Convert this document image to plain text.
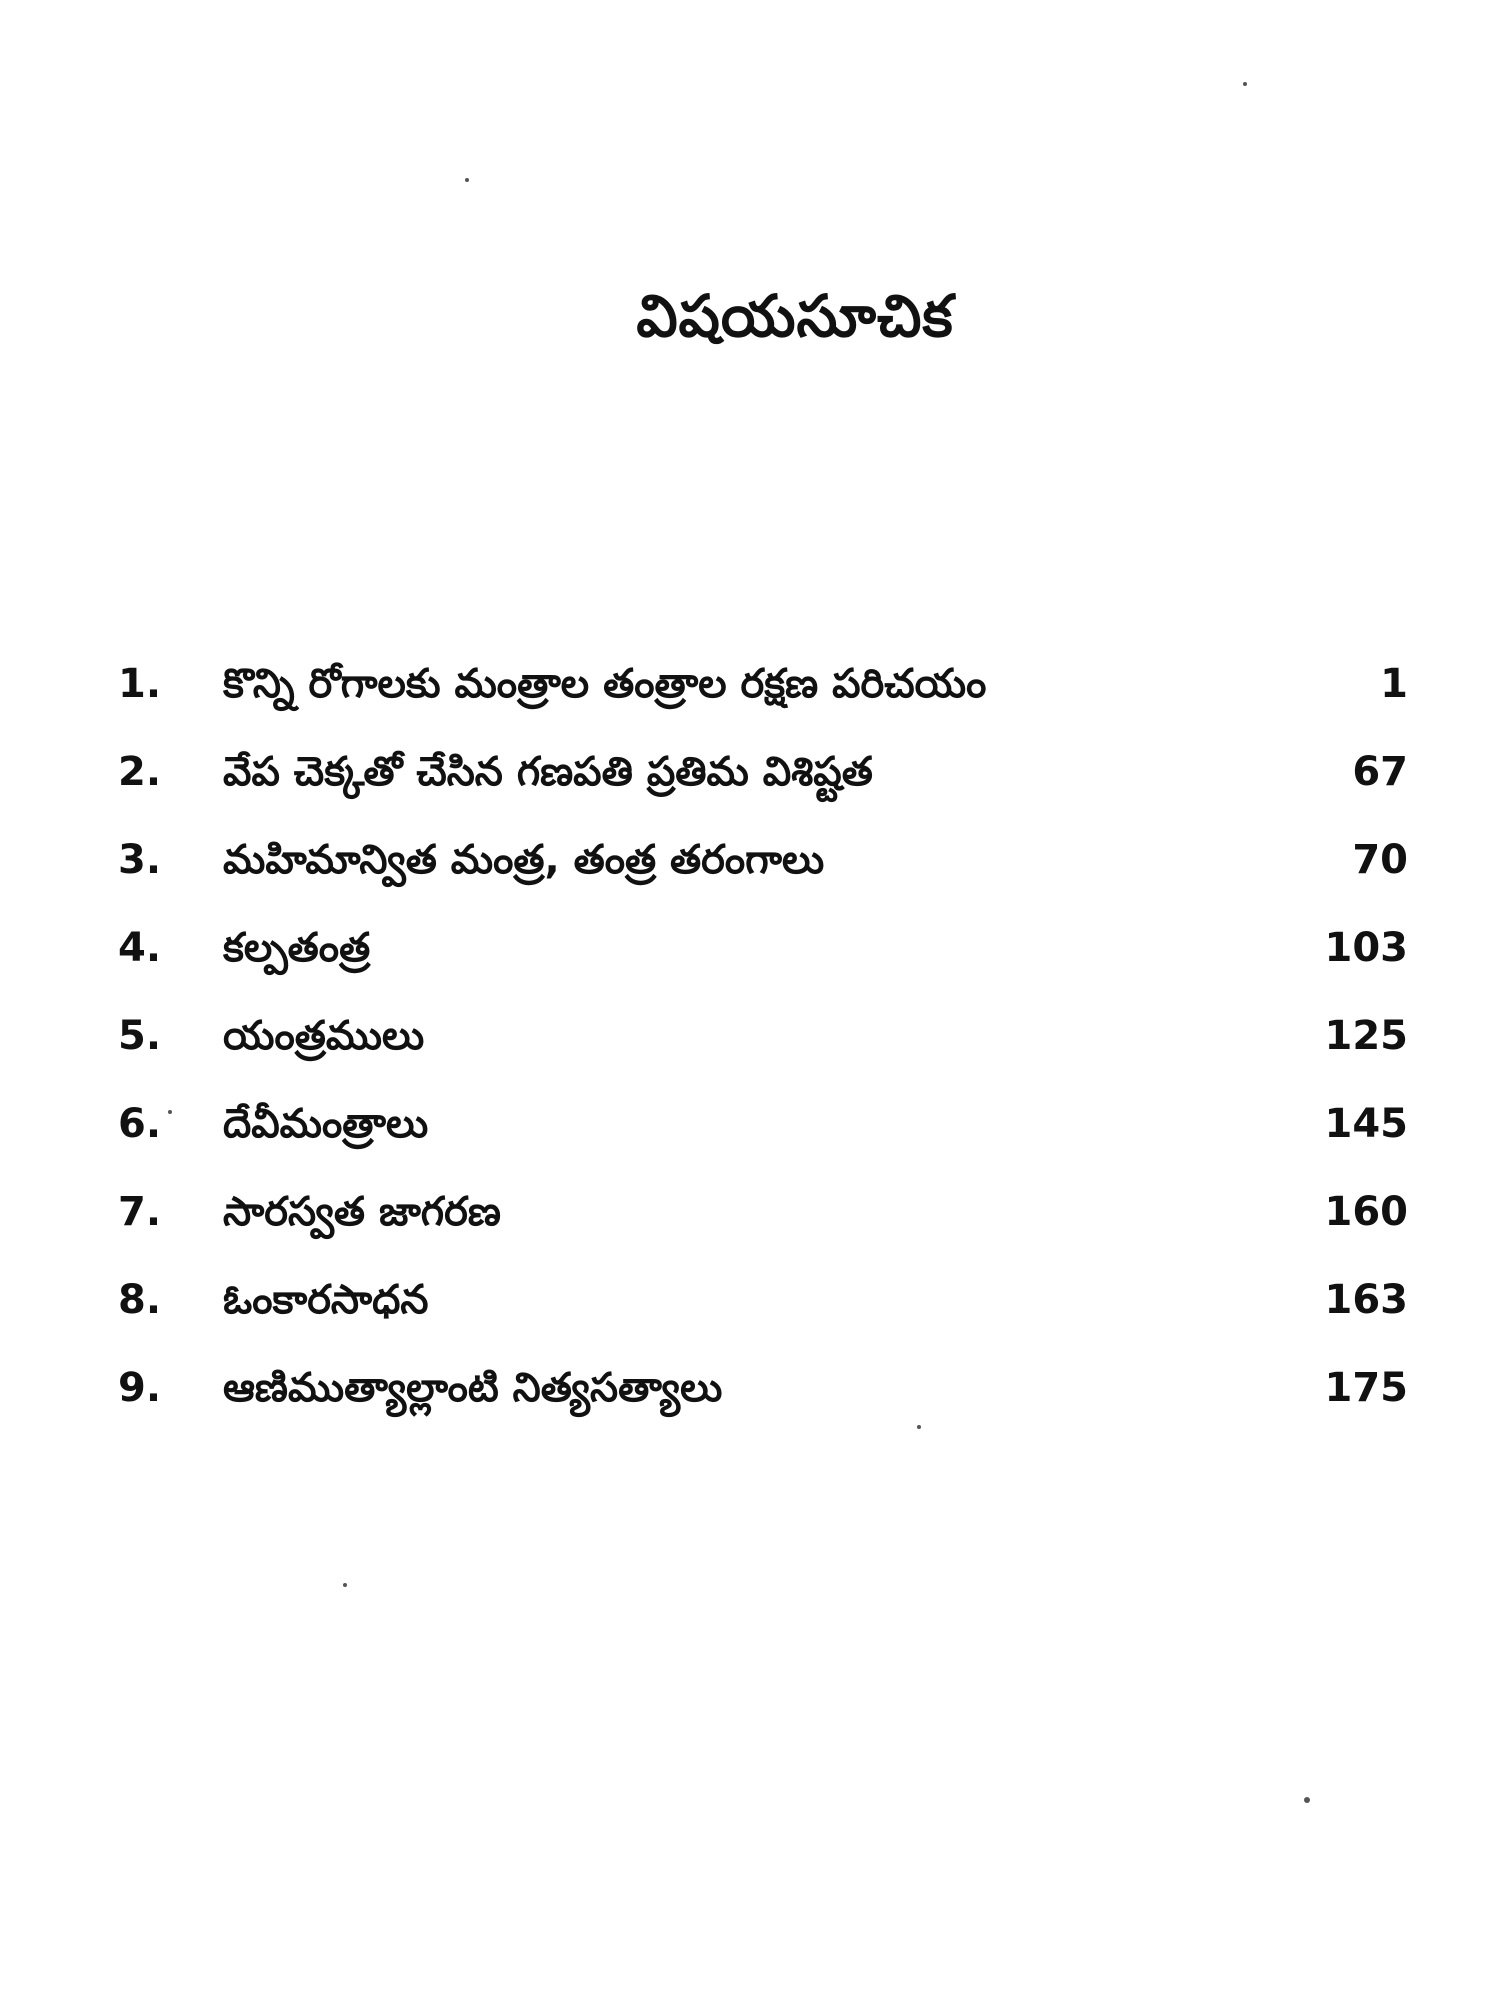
విషయసూచిక
1.	కొన్ని రోగాలకు మంత్రాల తంత్రాల రక్షణ పరిచయం	1
2.	వేప చెక్కతో చేసిన గణపతి ప్రతిమ విశిష్టత	67
3.	మహిమాన్విత మంత్ర, తంత్ర తరంగాలు	70
4.	కల్పతంత్ర	103
5.	యంత్రములు	125
6.	దేవీమంత్రాలు	145
7.	సారస్వత జాగరణ	160
8.	ఓంకారసాధన	163
9.	ఆణిముత్యాల్లాంటి నిత్యసత్యాలు	175
